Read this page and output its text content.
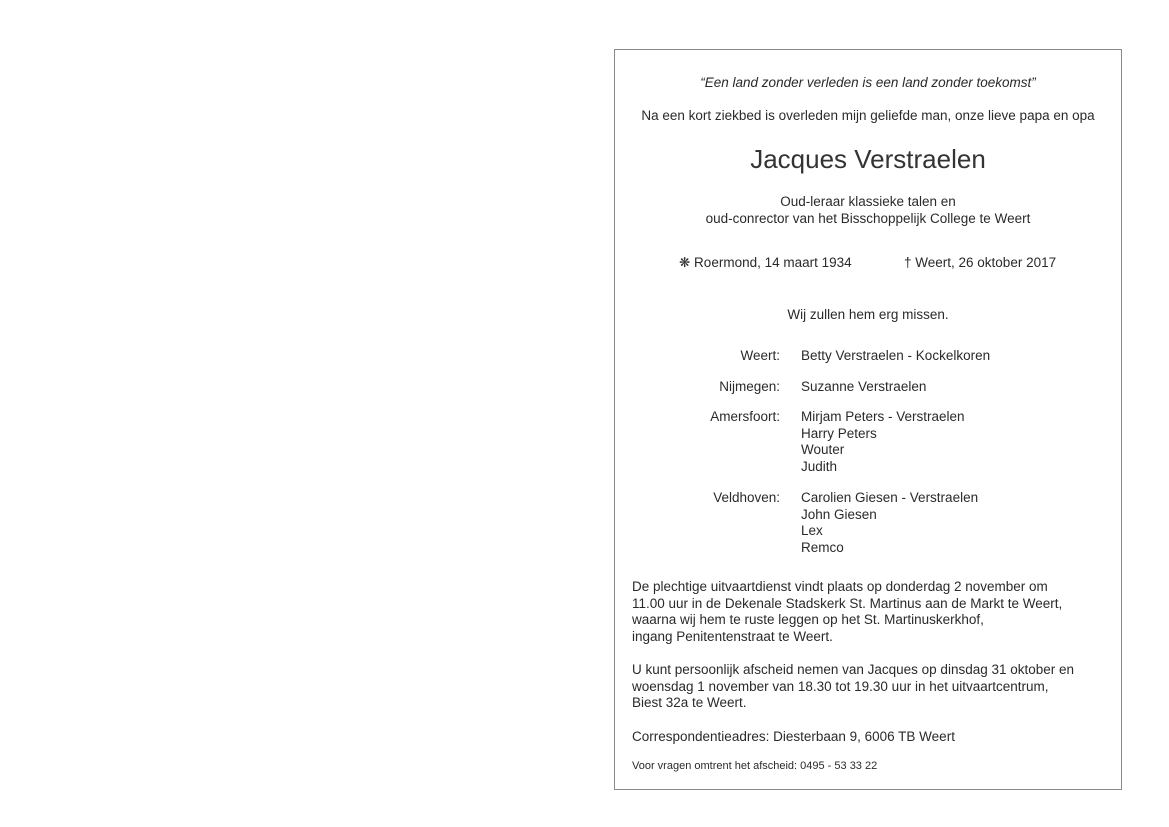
“Een land zonder verleden is een land zonder toekomst”
Na een kort ziekbed is overleden mijn geliefde man, onze lieve papa en opa
Jacques Verstraelen
Oud-leraar klassieke talen en
oud-conrector van het Bisschoppelijk College te Weert
❋ Roermond, 14 maart 1934	† Weert, 26 oktober 2017
Wij zullen hem erg missen.
Weert: Betty Verstraelen - Kockelkoren
Nijmegen: Suzanne Verstraelen
Amersfoort: Mirjam Peters - Verstraelen
Harry Peters
Wouter
Judith
Veldhoven: Carolien Giesen - Verstraelen
John Giesen
Lex
Remco
De plechtige uitvaartdienst vindt plaats op donderdag 2 november om
11.00 uur in de Dekenale Stadskerk St. Martinus aan de Markt te Weert,
waarna wij hem te ruste leggen op het St. Martinuskerkhof,
ingang Penitentenstraat te Weert.
U kunt persoonlijk afscheid nemen van Jacques op dinsdag 31 oktober en
woensdag 1 november van 18.30 tot 19.30 uur in het uitvaartcentrum,
Biest 32a te Weert.
Correspondentieadres: Diesterbaan 9, 6006 TB Weert
Voor vragen omtrent het afscheid: 0495 - 53 33 22
